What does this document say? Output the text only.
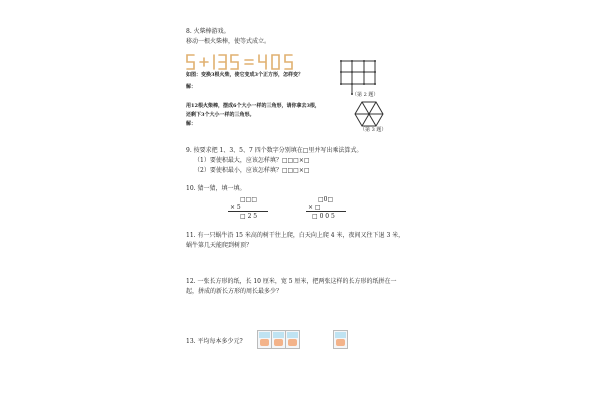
8. 火柴棒游戏。
移动一根火柴棒，使等式成立。
如图：变换3根火柴，使它变成3个正方形，怎样变？
解：
（第 2 题）
用12根火柴棒，摆成6个大小一样的三角形，请你拿去3根，
还剩下3个大小一样的三角形。
解：
（第 3 题）
9. 按要求把 1、3、5、7 四个数字分别填在□里并写出乘法算式。
（1）要使积最大，应该怎样填？□□□×□
（2）要使积最小，应该怎样填？□□□×□
10. 猜一猜，填一填。
□□□
× 5
□ 2 5
□0□
× □
□ 0 0 5
11. 有一只蜗牛沿 15 米高的树干往上爬，白天向上爬 4 米，夜间又往下退 3 米，
蜗牛第几天能爬到树顶？
12. 一张长方形的纸，长 10 厘米，宽 5 厘米，把两张这样的长方形的纸拼在一
起，拼成的新长方形的周长最多少？
13. 平均每本多少元?
